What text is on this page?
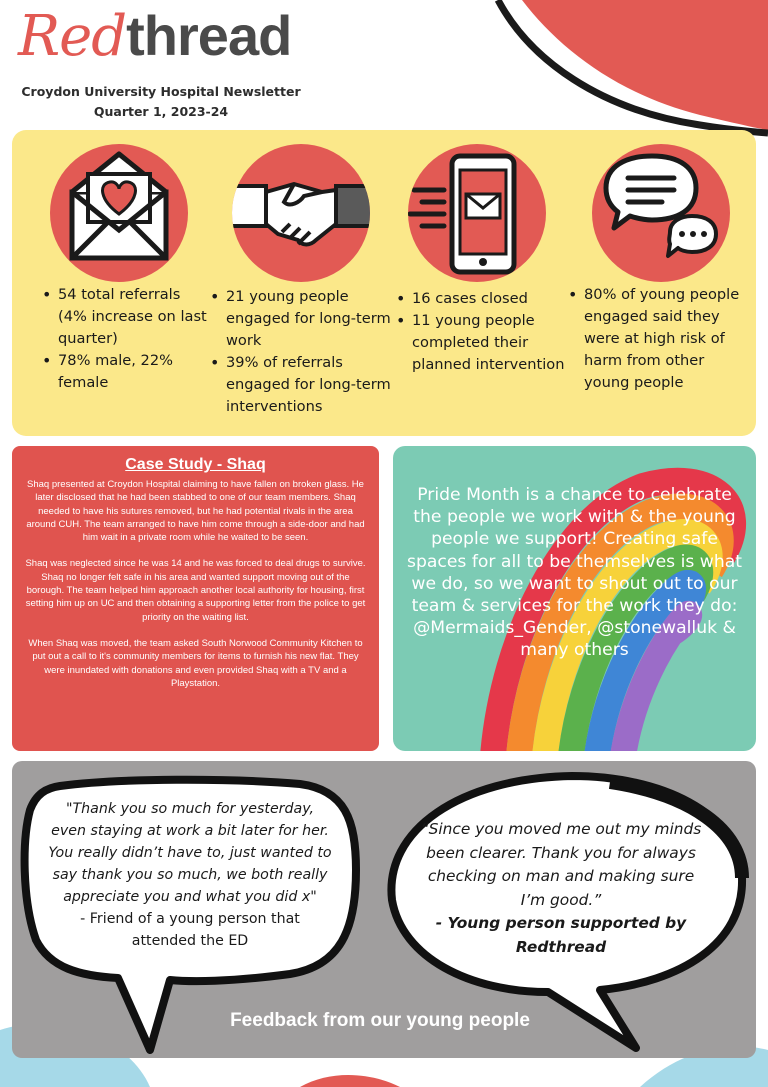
Redthread
Croydon University Hospital Newsletter
Quarter 1, 2023-24
• 54 total referrals (4% increase on last quarter)
• 78% male, 22% female
• 21 young people engaged for long-term work
• 39% of referrals engaged for long-term interventions
• 16 cases closed
• 11 young people completed their planned intervention
• 80% of young people engaged said they were at high risk of harm from other young people
Case Study - Shaq

Shaq presented at Croydon Hospital claiming to have fallen on broken glass. He later disclosed that he had been stabbed to one of our team members. Shaq needed to have his sutures removed, but he had potential rivals in the area around CUH. The team arranged to have him come through a side-door and had him wait in a private room while he waited to be seen.

Shaq was neglected since he was 14 and he was forced to deal drugs to survive. Shaq no longer felt safe in his area and wanted support moving out of the borough. The team helped him approach another local authority for housing, first setting him up on UC and then obtaining a supporting letter from the police to get priority on the waiting list.

When Shaq was moved, the team asked South Norwood Community Kitchen to put out a call to it's community members for items to furnish his new flat. They were inundated with donations and even provided Shaq with a TV and a Playstation.

Pride Month is a chance to celebrate the people we work with & the young people we support! Creating safe spaces for all to be themselves is what we do, so we want to shout out to our team & services for the work they do: @Mermaids_Gender, @stonewalluk & many others
"Thank you so much for yesterday, even staying at work a bit later for her. You really didn’t have to, just wanted to say thank you so much, we both really appreciate you and what you did x"
- Friend of a young person that attended the ED
“Since you moved me out my minds been clearer. Thank you for always checking on man and making sure I’m good.”
- Young person supported by Redthread
Feedback from our young people
